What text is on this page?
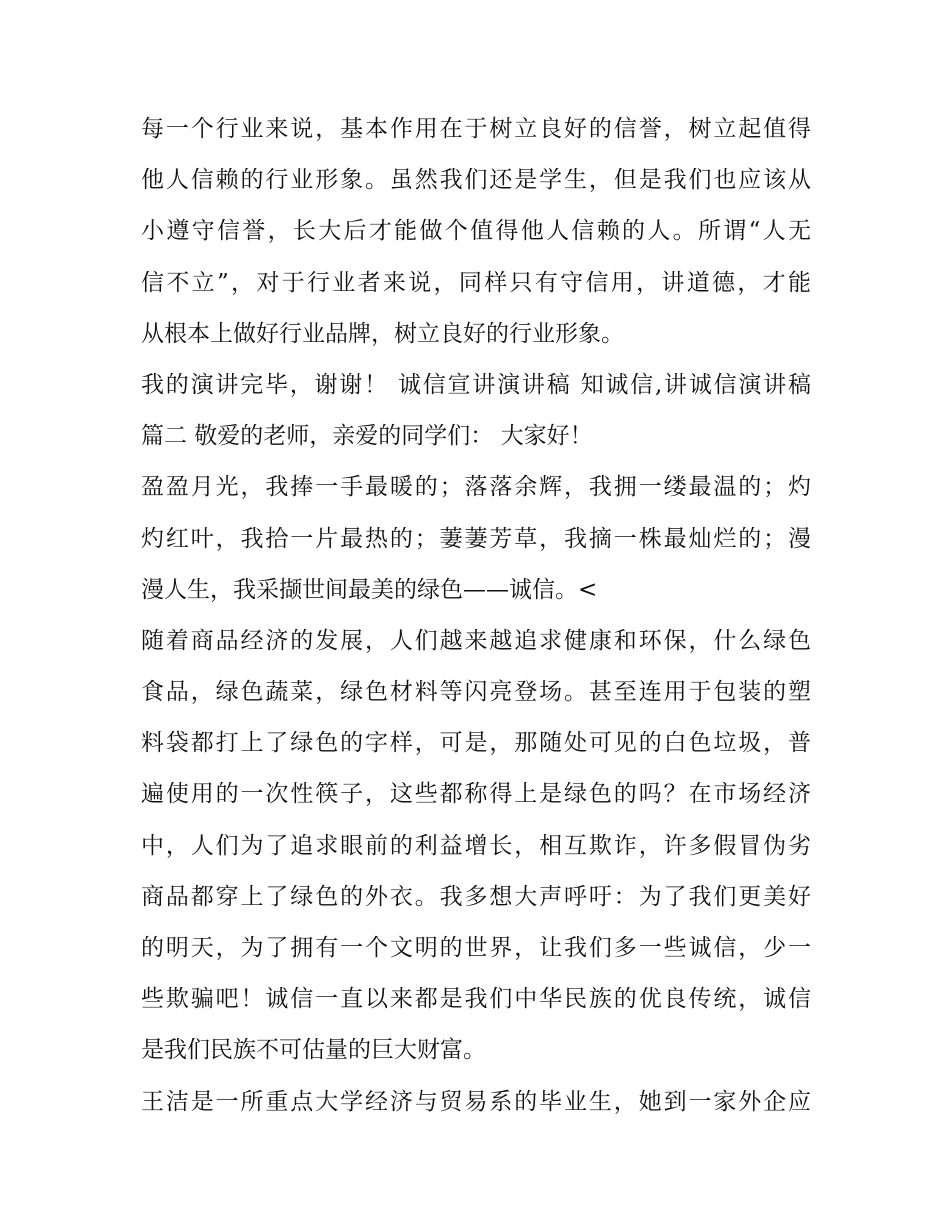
每一个行业来说，基本作用在于树立良好的信誉，树立起值得
他人信赖的行业形象。虽然我们还是学生，但是我们也应该从
小遵守信誉，长大后才能做个值得他人信赖的人。所谓“人无
信不立”，对于行业者来说，同样只有守信用，讲道德，才能
从根本上做好行业品牌，树立良好的行业形象。
我的演讲完毕，谢谢！ 诚信宣讲演讲稿 知诚信,讲诚信演讲稿
篇二 敬爱的老师，亲爱的同学们： 大家好！
盈盈月光，我捧一手最暖的；落落余辉，我拥一缕最温的；灼
灼红叶，我拾一片最热的；萋萋芳草，我摘一株最灿烂的；漫
漫人生，我采撷世间最美的绿色——诚信。<
随着商品经济的发展，人们越来越追求健康和环保，什么绿色
食品，绿色蔬菜，绿色材料等闪亮登场。甚至连用于包装的塑
料袋都打上了绿色的字样，可是，那随处可见的白色垃圾，普
遍使用的一次性筷子，这些都称得上是绿色的吗？在市场经济
中，人们为了追求眼前的利益增长，相互欺诈，许多假冒伪劣
商品都穿上了绿色的外衣。我多想大声呼吁：为了我们更美好
的明天，为了拥有一个文明的世界，让我们多一些诚信，少一
些欺骗吧！诚信一直以来都是我们中华民族的优良传统，诚信
是我们民族不可估量的巨大财富。
王洁是一所重点大学经济与贸易系的毕业生，她到一家外企应
